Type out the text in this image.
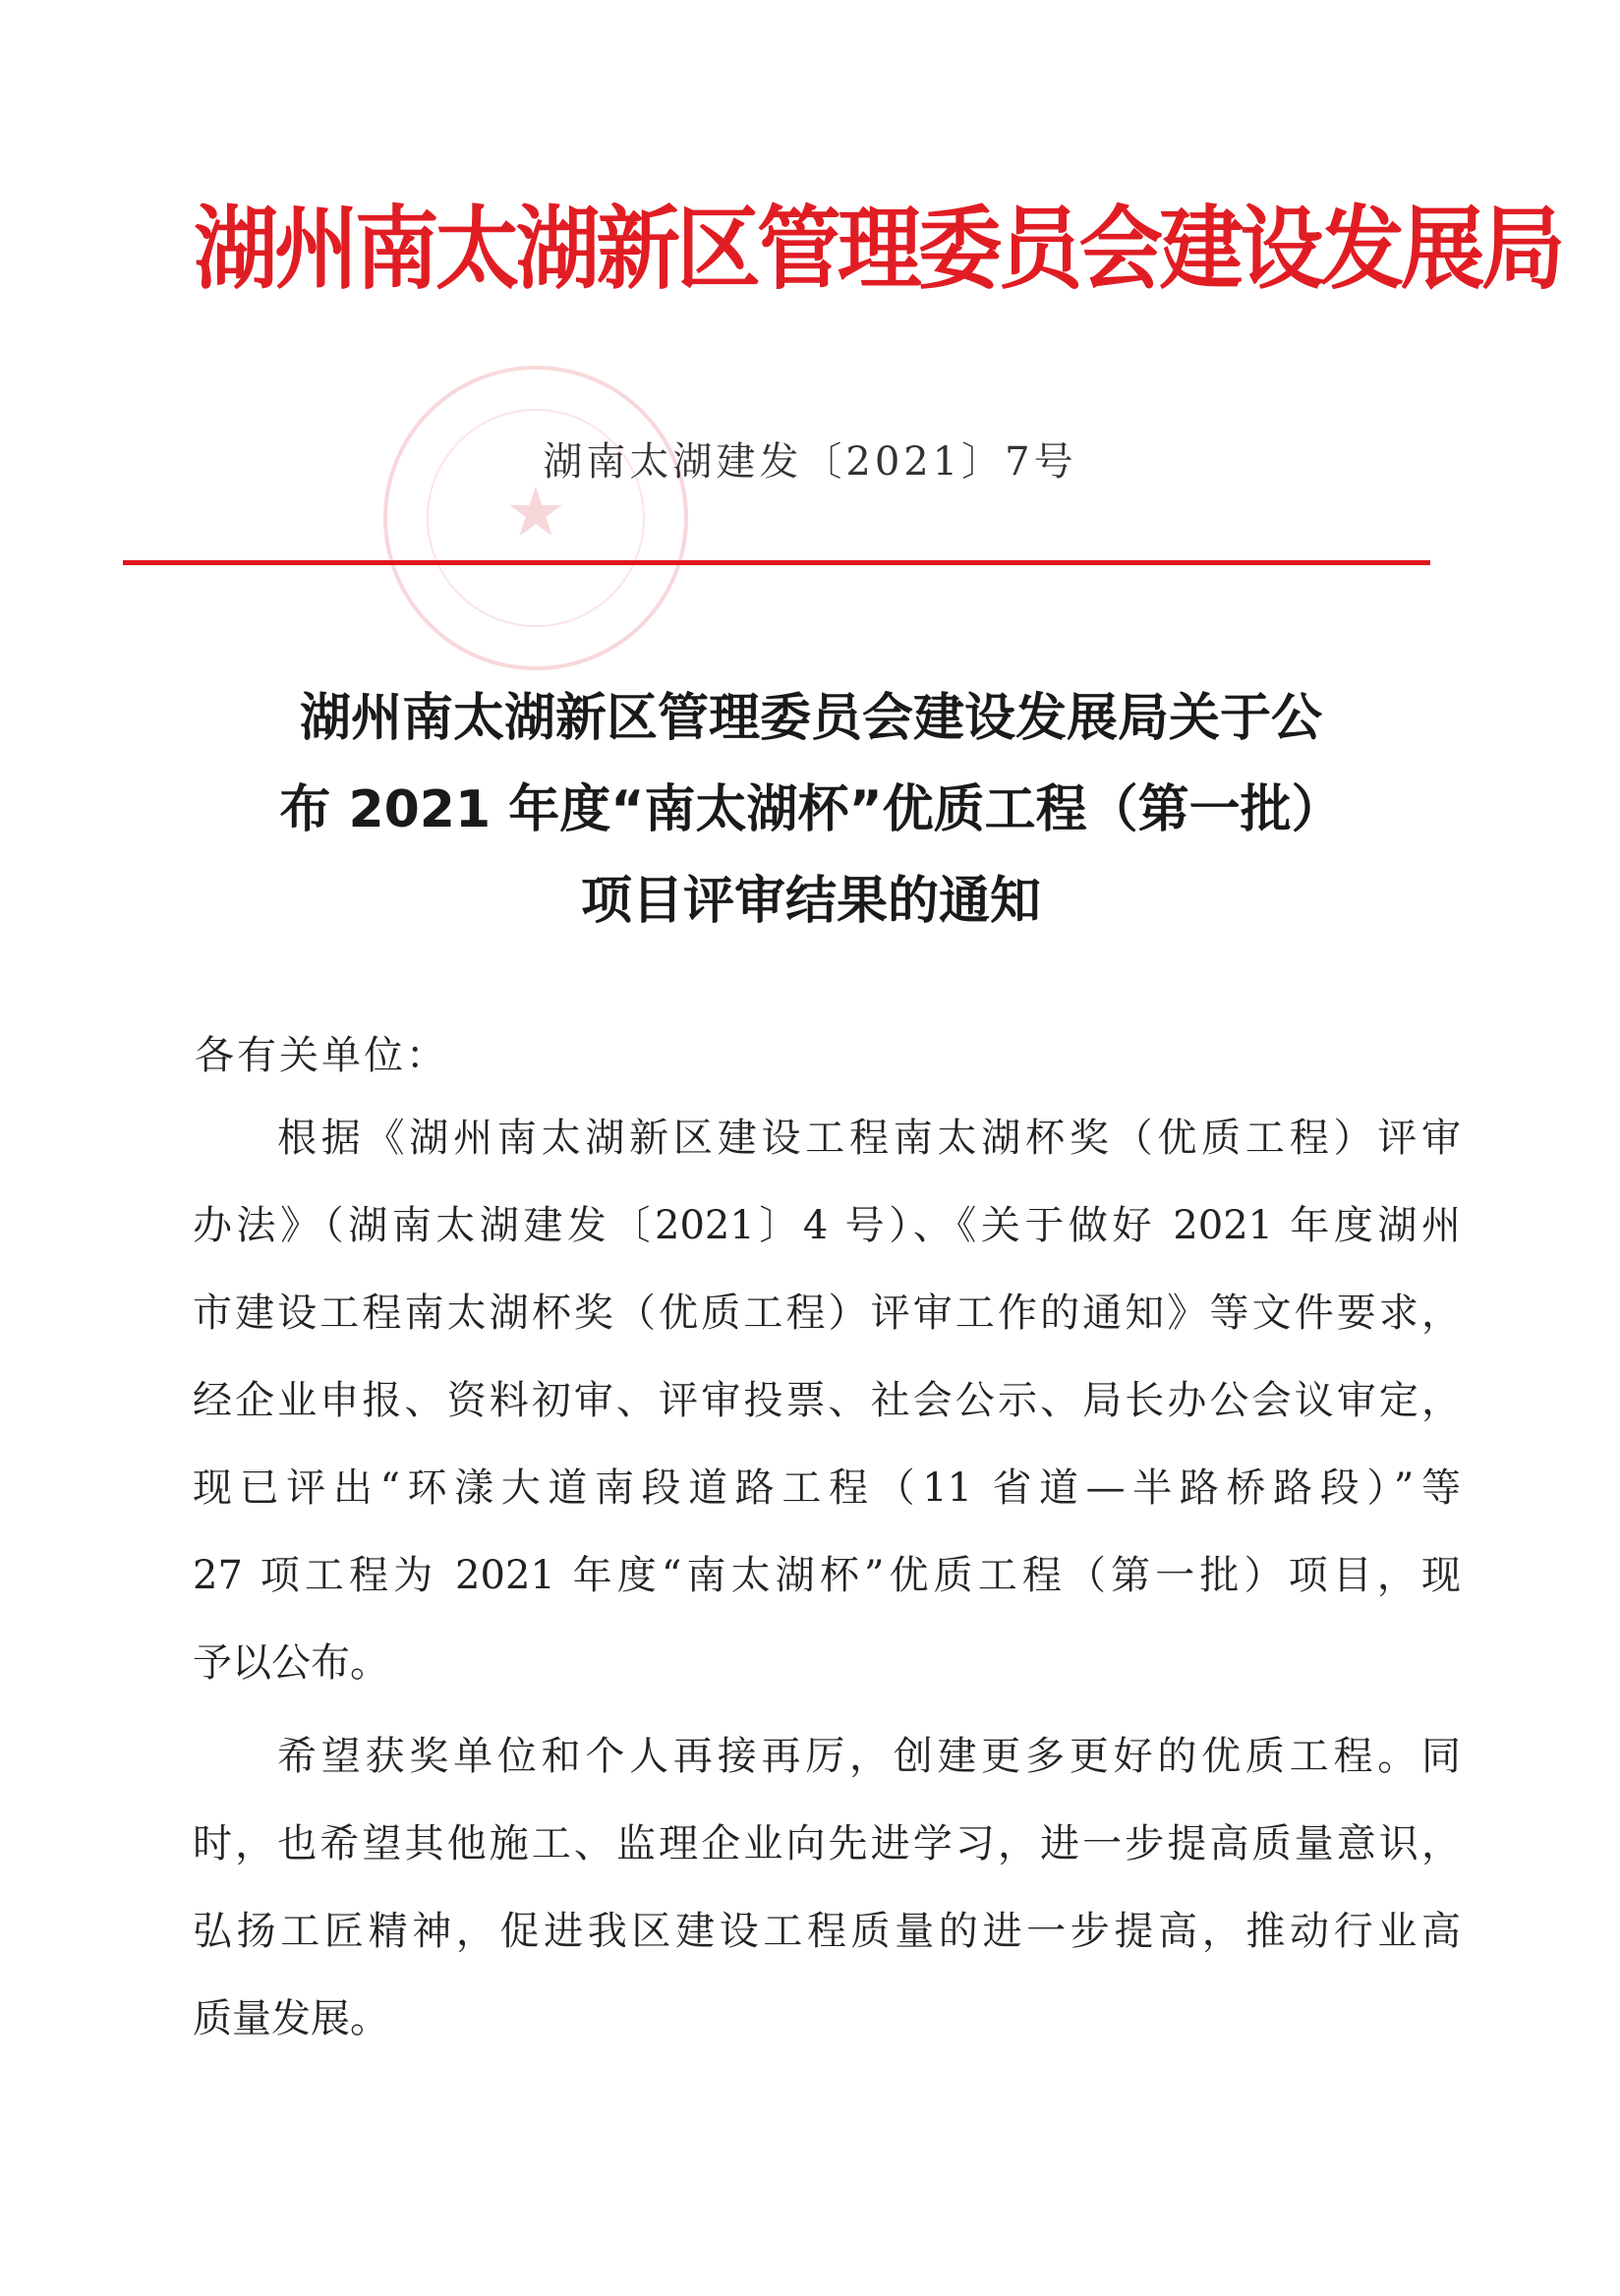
★
湖州南太湖新区管理委员会建设发展局
湖南太湖建发〔2021〕7号
湖州南太湖新区管理委员会建设发展局关于公
布 2021 年度“南太湖杯”优质工程（第一批）
项目评审结果的通知
各有关单位：
根据《湖州南太湖新区建设工程南太湖杯奖（优质工程）评审
办法》（湖南太湖建发〔2021〕4 号）、《关于做好 2021 年度湖州
市建设工程南太湖杯奖（优质工程）评审工作的通知》等文件要求，
经企业申报、资料初审、评审投票、社会公示、局长办公会议审定，
现已评出“环漾大道南段道路工程（11 省道—半路桥路段）”等
27 项工程为 2021 年度“南太湖杯”优质工程（第一批）项目，现
予以公布。
希望获奖单位和个人再接再厉，创建更多更好的优质工程。同
时，也希望其他施工、监理企业向先进学习，进一步提高质量意识，
弘扬工匠精神，促进我区建设工程质量的进一步提高，推动行业高
质量发展。
